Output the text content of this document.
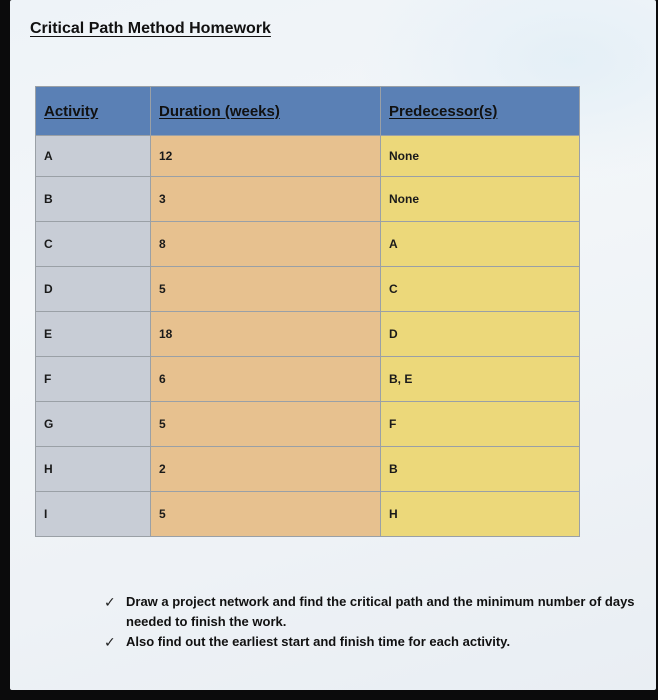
Critical Path Method Homework
Activity	Duration (weeks)	Predecessor(s)
A	12	None
B	3	None
C	8	A
D	5	C
E	18	D
F	6	B, E
G	5	F
H	2	B
I	5	H
✓ Draw a project network and find the critical path and the minimum number of days needed to finish the work.
✓ Also find out the earliest start and finish time for each activity.
